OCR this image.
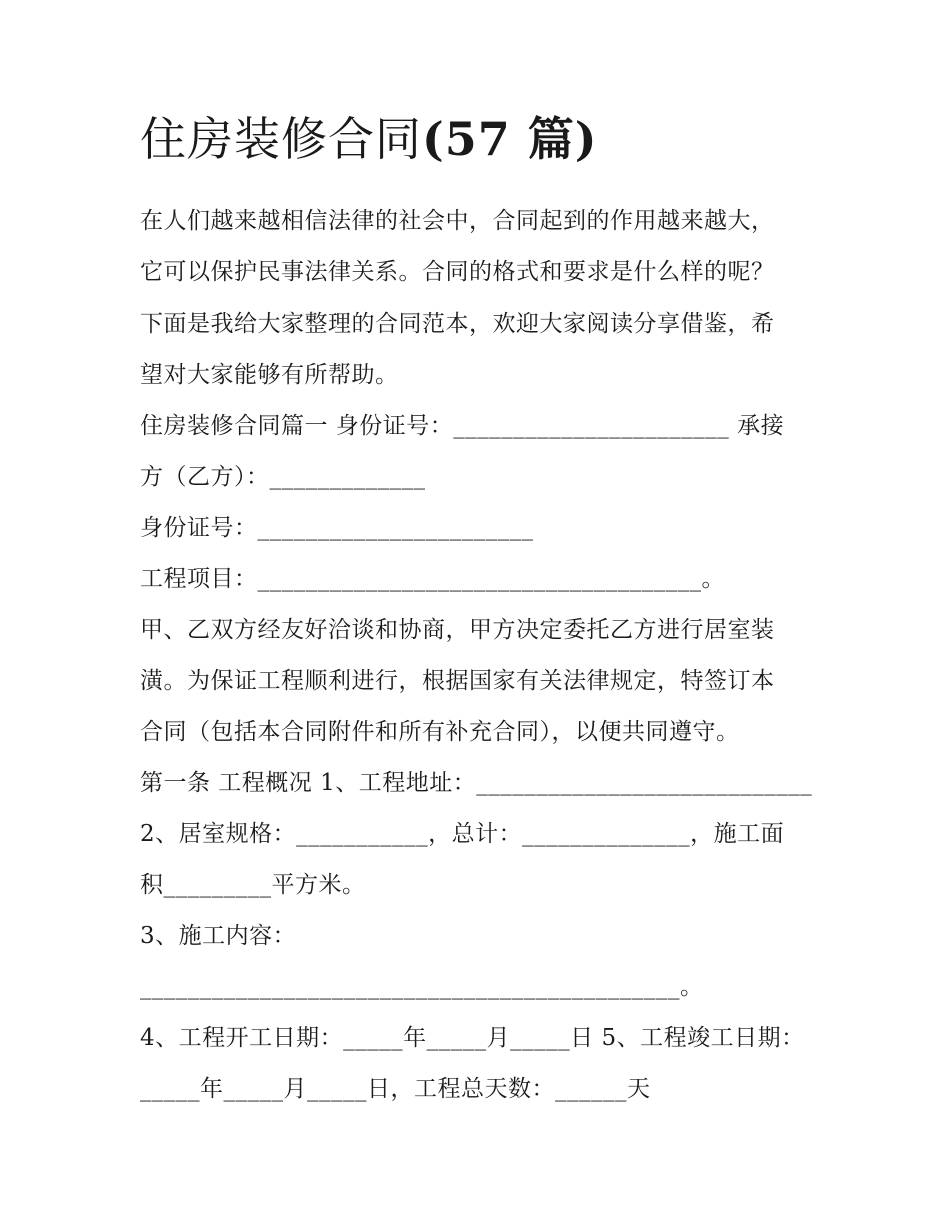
住房装修合同(57 篇)
在人们越来越相信法律的社会中，合同起到的作用越来越大，
它可以保护民事法律关系。合同的格式和要求是什么样的呢？
下面是我给大家整理的合同范本，欢迎大家阅读分享借鉴，希
望对大家能够有所帮助。
住房装修合同篇一 身份证号：_______________________ 承接
方（乙方）：_____________
身份证号：_______________________
工程项目：_____________________________________。
甲、乙双方经友好洽谈和协商，甲方决定委托乙方进行居室装
潢。为保证工程顺利进行，根据国家有关法律规定，特签订本
合同（包括本合同附件和所有补充合同），以便共同遵守。
第一条 工程概况 1、工程地址：____________________________
2、居室规格：___________，总计：______________，施工面
积_________平方米。
3、施工内容：
_____________________________________________。
4、工程开工日期：_____年_____月_____日 5、工程竣工日期：
_____年_____月_____日，工程总天数：______天
